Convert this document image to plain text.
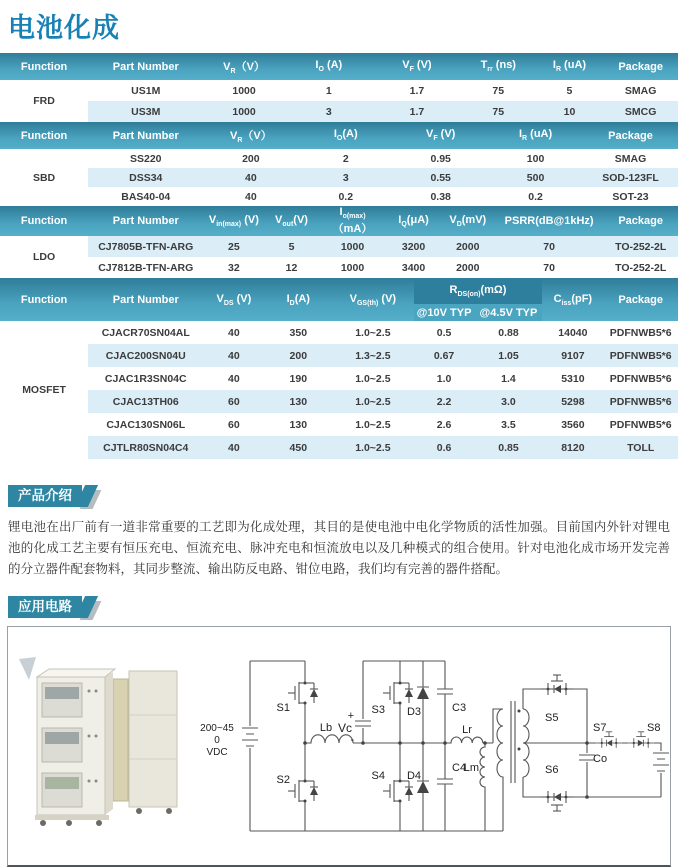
电池化成
Function	Part Number	$V_R(V)$	$I_O$ (A)	$V_F$ (V)	$T_{rr}$ (ns)	$I_R$ (uA)	Package
FRD	US1M	1000	1	1.7	75	5	SMAG
	US3M	1000	3	1.7	75	10	SMCG
Function	Part Number	$V_R(V)$	$I_O(A)$	$V_F$ (V)	$I_R$ (uA)	Package
SBD	SS220	200	2	0.95	100	SMAG
	DSS34	40	3	0.55	500	SOD-123FL
	BAS40-04	40	0.2	0.38	0.2	SOT-23
Function	Part Number	$V_{in(max)}$ (V)	$V_{out}(V)$	$I_{o(max)}(mA)$	$I_Q(\mu A)$	$V_D(mV)$	PSRR(dB@1kHz)	Package
LDO	CJ7805B-TFN-ARG	25	5	1000	3200	2000	70	TO-252-2L
	CJ7812B-TFN-ARG	32	12	1000	3400	2000	70	TO-252-2L
Function	Part Number	$V_{DS}$ (V)	$I_D(A)$	$V_{GS(th)}$ (V)	$R_{DS(on)}(m\Omega)$		$C_{iss}(pF)$	Package
					@10V TYP	@4.5V TYP		
MOSFET	CJACR70SN04AL	40	350	1.0~2.5	0.5	0.88	14040	PDFNWB5*6
	CJAC200SN04U	40	200	1.3~2.5	0.67	1.05	9107	PDFNWB5*6
	CJAC1R3SN04C	40	190	1.0~2.5	1.0	1.4	5310	PDFNWB5*6
	CJAC13TH06	60	130	1.0~2.5	2.2	3.0	5298	PDFNWB5*6
	CJAC130SN06L	60	130	1.0~2.5	2.6	3.5	3560	PDFNWB5*6
	CJTLR80SN04C4	40	450	1.0~2.5	0.6	0.85	8120	TOLL
产品介绍

锂电池在出厂前有一道非常重要的工艺即为化成处理，其目的是使电池中电化学物质的活性加强。目前国内外针对锂电池的化成工艺主要有恒压充电、恒流充电、脉冲充电和恒流放电以及几种模式的组合使用。针对电池化成市场开发完善的分立器件配套物料，其同步整流、输出防反电路、钳位电路，我们均有完善的器件搭配。

应用电路
200~45
0
VDC
S1
S2
Lb
+
Vc
-
S3 D3
S4 D4
C3
C4
Lr
Lm
S5
S6
S7	S8
Co
